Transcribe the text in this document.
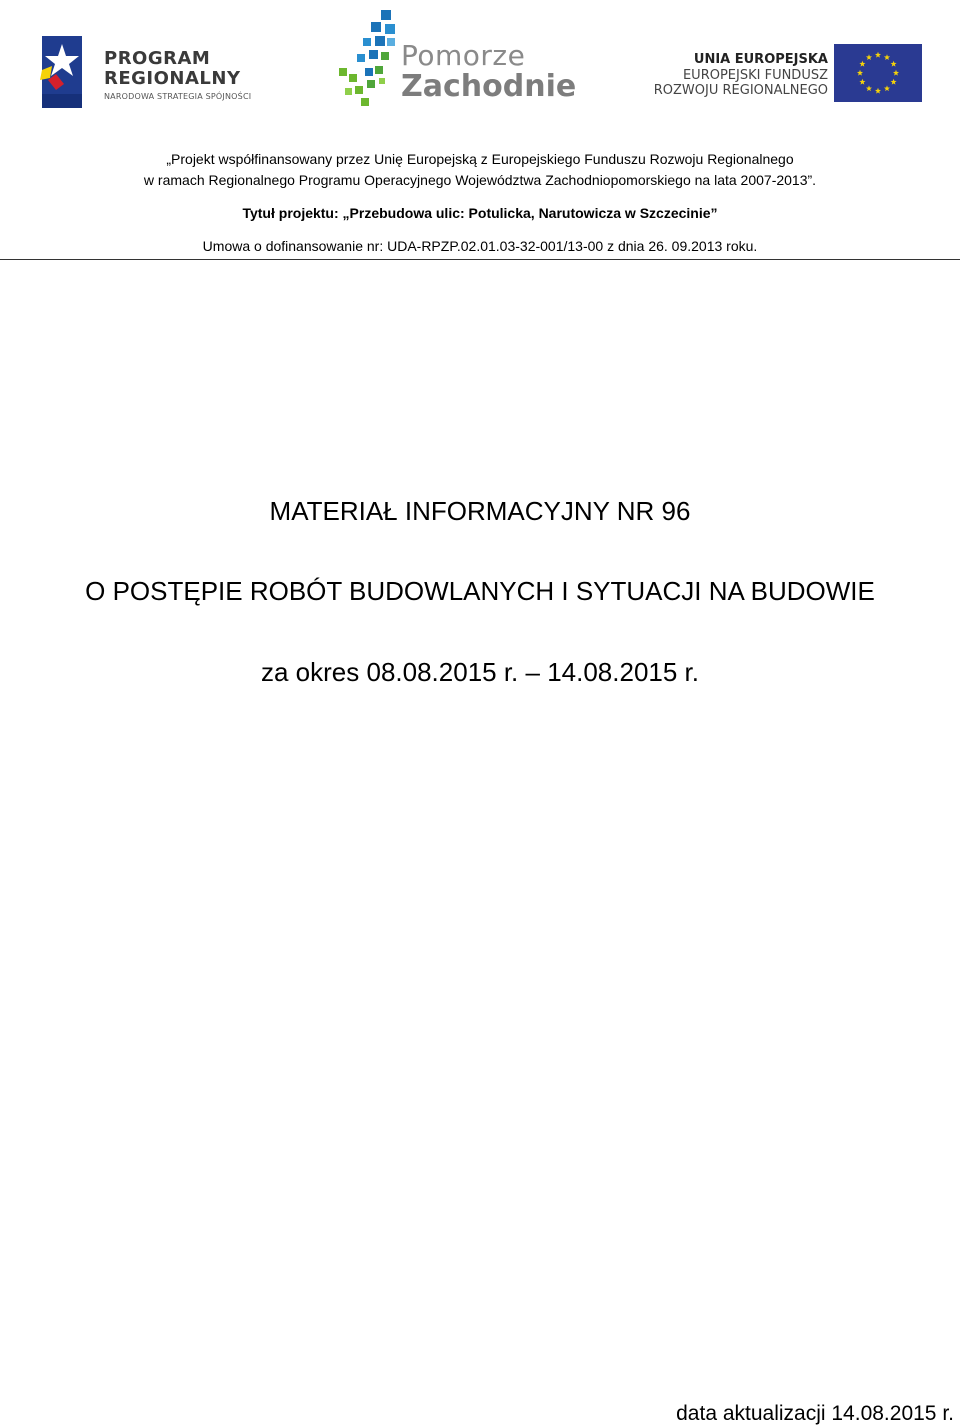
PROGRAM
REGIONALNY
NARODOWA STRATEGIA SPÓJNOŚCI
Pomorze
Zachodnie
UNIA EUROPEJSKA
EUROPEJSKI FUNDUSZ
ROZWOJU REGIONALNEGO
„Projekt współfinansowany przez Unię Europejską z Europejskiego Funduszu Rozwoju Regionalnego
w ramach Regionalnego Programu Operacyjnego Województwa Zachodniopomorskiego na lata 2007-2013”.
Tytuł projektu: „Przebudowa ulic: Potulicka, Narutowicza w Szczecinie”
Umowa o dofinansowanie nr: UDA-RPZP.02.01.03-32-001/13-00 z dnia 26. 09.2013 roku.
MATERIAŁ INFORMACYJNY NR 96
O POSTĘPIE ROBÓT BUDOWLANYCH I SYTUACJI NA BUDOWIE
za okres 08.08.2015 r. – 14.08.2015 r.
data aktualizacji 14.08.2015 r.
